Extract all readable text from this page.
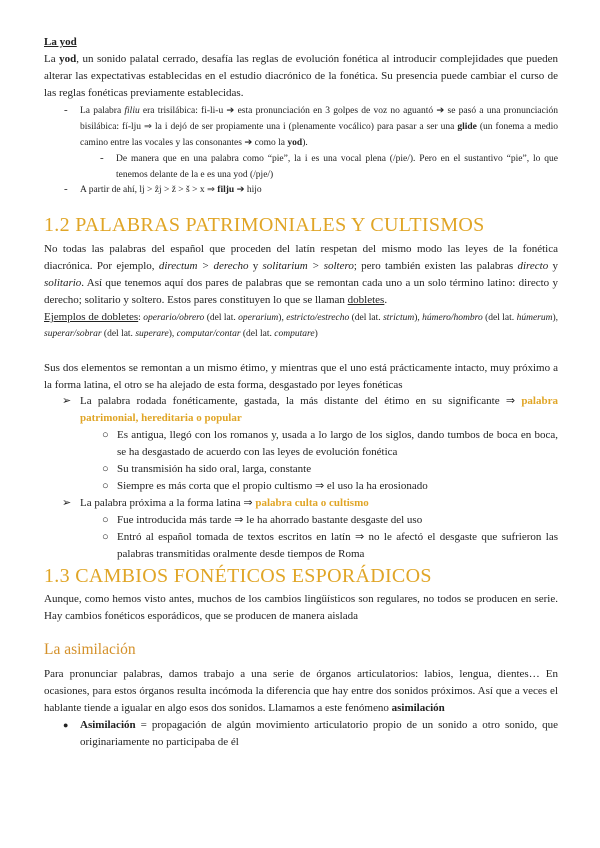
La yod
La yod, un sonido palatal cerrado, desafía las reglas de evolución fonética al introducir complejidades que pueden alterar las expectativas establecidas en el estudio diacrónico de la fonética. Su presencia puede cambiar el curso de las reglas fonéticas previamente establecidas.
- La palabra filiu era trisilábica: fi-li-u ➔ esta pronunciación en 3 golpes de voz no aguantó ➔ se pasó a una pronunciación bisilábica: fí-lju ⇒ la i dejó de ser propiamente una i (plenamente vocálico) para pasar a ser una glide (un fonema a medio camino entre las vocales y las consonantes ➔ como la yod).
- De manera que en una palabra como “pie”, la i es una vocal plena (/pie/). Pero en el sustantivo “pie”, lo que tenemos delante de la e es una yod (/pje/)
- A partir de ahí, lj > ẑj > ž > š > x ⇒ filju ➔ hijo
1.2 PALABRAS PATRIMONIALES Y CULTISMOS
No todas las palabras del español que proceden del latín respetan del mismo modo las leyes de la fonética diacrónica. Por ejemplo, directum > derecho y solitarium > soltero; pero también existen las palabras directo y solitario. Así que tenemos aquí dos pares de palabras que se remontan cada uno a un solo término latino: directo y derecho; solitario y soltero. Estos pares constituyen lo que se llaman dobletes.
Ejemplos de dobletes: operario/obrero (del lat. operarium), estricto/estrecho (del lat. strictum), húmero/hombro (del lat. húmerum), superar/sobrar (del lat. superare), computar/contar (del lat. computare)
Sus dos elementos se remontan a un mismo étimo, y mientras que el uno está prácticamente intacto, muy próximo a la forma latina, el otro se ha alejado de esta forma, desgastado por leyes fonéticas
➢ La palabra rodada fonéticamente, gastada, la más distante del étimo en su significante ⇒ palabra patrimonial, hereditaria o popular
○ Es antigua, llegó con los romanos y, usada a lo largo de los siglos, dando tumbos de boca en boca, se ha desgastado de acuerdo con las leyes de evolución fonética
○ Su transmisión ha sido oral, larga, constante
○ Siempre es más corta que el propio cultismo ⇒ el uso la ha erosionado
➢ La palabra próxima a la forma latina ⇒ palabra culta o cultismo
○ Fue introducida más tarde ⇒ le ha ahorrado bastante desgaste del uso
○ Entró al español tomada de textos escritos en latín ⇒ no le afectó el desgaste que sufrieron las palabras transmitidas oralmente desde tiempos de Roma
1.3 CAMBIOS FONÉTICOS ESPORÁDICOS
Aunque, como hemos visto antes, muchos de los cambios lingüísticos son regulares, no todos se producen en serie. Hay cambios fonéticos esporádicos, que se producen de manera aislada
La asimilación
Para pronunciar palabras, damos trabajo a una serie de órganos articulatorios: labios, lengua, dientes… En ocasiones, para estos órganos resulta incómoda la diferencia que hay entre dos sonidos próximos. Así que a veces el hablante tiende a igualar en algo esos dos sonidos. Llamamos a este fenómeno asimilación
● Asimilación = propagación de algún movimiento articulatorio propio de un sonido a otro sonido, que originariamente no participaba de él
